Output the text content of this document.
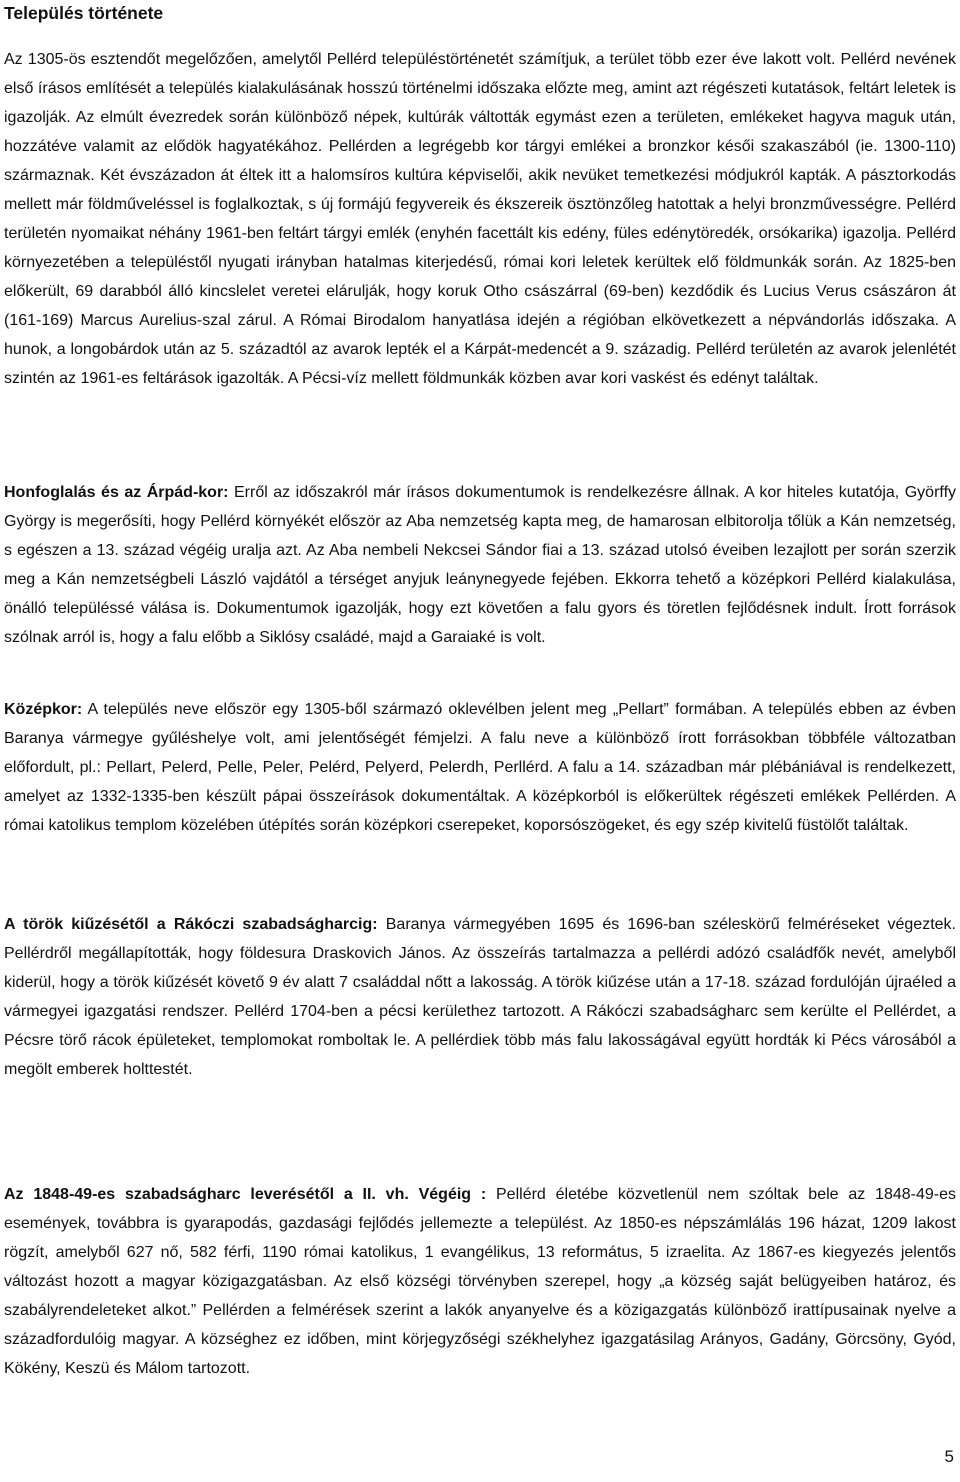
Település története

Az 1305-ös esztendőt megelőzően, amelytől Pellérd településtörténetét számítjuk, a terület több ezer éve lakott volt. Pellérd nevének első írásos említését a település kialakulásának hosszú történelmi időszaka előzte meg, amint azt régészeti kutatások, feltárt leletek is igazolják. Az elmúlt évezredek során különböző népek, kultúrák váltották egymást ezen a területen, emlékeket hagyva maguk után, hozzátéve valamit az elődök hagyatékához. Pellérden a legrégebb kor tárgyi emlékei a bronzkor késői szakaszából (ie. 1300-110) származnak. Két évszázadon át éltek itt a halomsíros kultúra képviselői, akik nevüket temetkezési módjukról kapták. A pásztorkodás mellett már földműveléssel is foglalkoztak, s új formájú fegyvereik és ékszereik ösztönzőleg hatottak a helyi bronzművességre. Pellérd területén nyomaikat néhány 1961-ben feltárt tárgyi emlék (enyhén facettált kis edény, füles edénytöredék, orsókarika) igazolja. Pellérd környezetében a településtől nyugati irányban hatalmas kiterjedésű, római kori leletek kerültek elő földmunkák során. Az 1825-ben előkerült, 69 darabból álló kincslelet veretei elárulják, hogy koruk Otho császárral (69-ben) kezdődik és Lucius Verus császáron át (161-169) Marcus Aurelius-szal zárul. A Római Birodalom hanyatlása idején a régióban elkövetkezett a népvándorlás időszaka. A hunok, a longobárdok után az 5. századtól az avarok lepték el a Kárpát-medencét a 9. századig. Pellérd területén az avarok jelenlétét szintén az 1961-es feltárások igazolták. A Pécsi-víz mellett földmunkák közben avar kori vaskést és edényt találtak.

Honfoglalás és az Árpád-kor: Erről az időszakról már írásos dokumentumok is rendelkezésre állnak. A kor hiteles kutatója, Györffy György is megerősíti, hogy Pellérd környékét először az Aba nemzetség kapta meg, de hamarosan elbitorolja tőlük a Kán nemzetség, s egészen a 13. század végéig uralja azt. Az Aba nembeli Nekcsei Sándor fiai a 13. század utolsó éveiben lezajlott per során szerzik meg a Kán nemzetségbeli László vajdától a térséget anyjuk leánynegyede fejében. Ekkorra tehető a középkori Pellérd kialakulása, önálló településsé válása is. Dokumentumok igazolják, hogy ezt követően a falu gyors és töretlen fejlődésnek indult. Írott források szólnak arról is, hogy a falu előbb a Siklósy családé, majd a Garaiaké is volt.

Középkor: A település neve először egy 1305-ből származó oklevélben jelent meg „Pellart” formában. A település ebben az évben Baranya vármegye gyűléshelye volt, ami jelentőségét fémjelzi. A falu neve a különböző írott forrásokban többféle változatban előfordult, pl.: Pellart, Pelerd, Pelle, Peler, Pelérd, Pelyerd, Pelerdh, Perllérd. A falu a 14. században már plébániával is rendelkezett, amelyet az 1332-1335-ben készült pápai összeírások dokumentáltak. A középkorból is előkerültek régészeti emlékek Pellérden. A római katolikus templom közelében útépítés során középkori cserepeket, koporsószögeket, és egy szép kivitelű füstölőt találtak.

A török kiűzésétől a Rákóczi szabadságharcig: Baranya vármegyében 1695 és 1696-ban széleskörű felméréseket végeztek. Pellérdről megállapították, hogy földesura Draskovich János. Az összeírás tartalmazza a pellérdi adózó családfők nevét, amelyből kiderül, hogy a török kiűzését követő 9 év alatt 7 családdal nőtt a lakosság. A török kiűzése után a 17-18. század fordulóján újraéled a vármegyei igazgatási rendszer. Pellérd 1704-ben a pécsi kerülethez tartozott. A Rákóczi szabadságharc sem kerülte el Pellérdet, a Pécsre törő rácok épületeket, templomokat romboltak le. A pellérdiek több más falu lakosságával együtt hordták ki Pécs városából a megölt emberek holttestét.

Az 1848-49-es szabadságharc leverésétől a II. vh. Végéig : Pellérd életébe közvetlenül nem szóltak bele az 1848-49-es események, továbbra is gyarapodás, gazdasági fejlődés jellemezte a települést. Az 1850-es népszámlálás 196 házat, 1209 lakost rögzít, amelyből 627 nő, 582 férfi, 1190 római katolikus, 1 evangélikus, 13 református, 5 izraelita. Az 1867-es kiegyezés jelentős változást hozott a magyar közigazgatásban. Az első községi törvényben szerepel, hogy „a község saját belügyeiben határoz, és szabályrendeleteket alkot.” Pellérden a felmérések szerint a lakók anyanyelve és a közigazgatás különböző irattípusainak nyelve a századfordulóig magyar. A községhez ez időben, mint körjegyzőségi székhelyhez igazgatásilag Arányos, Gadány, Görcsöny, Gyód, Kökény, Keszü és Málom tartozott.

5
